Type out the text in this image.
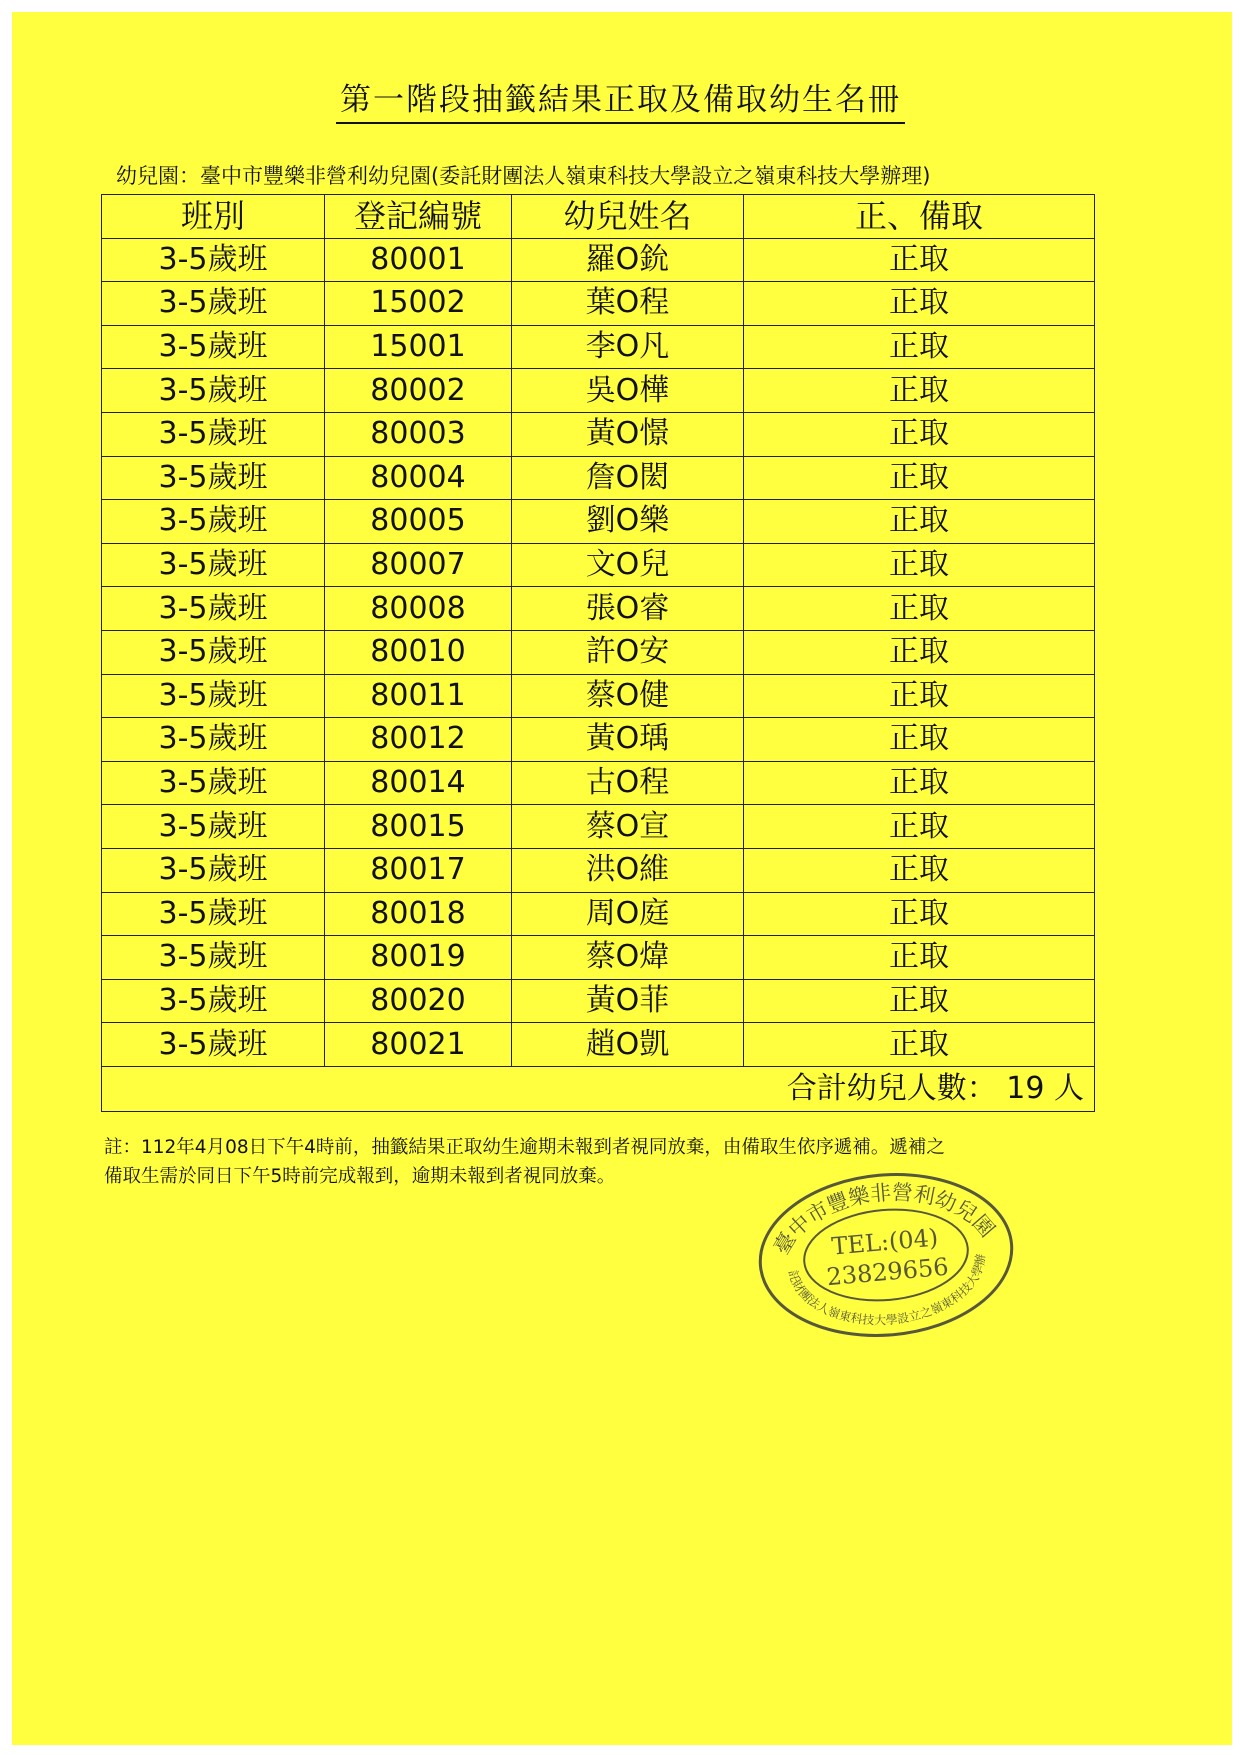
第一階段抽籤結果正取及備取幼生名冊
幼兒園：臺中市豐樂非營利幼兒園(委託財團法人嶺東科技大學設立之嶺東科技大學辦理)
班別	登記編號	幼兒姓名	正、備取
3-5歲班	80001	羅O鈗	正取
3-5歲班	15002	葉O程	正取
3-5歲班	15001	李O凡	正取
3-5歲班	80002	吳O樺	正取
3-5歲班	80003	黃O憬	正取
3-5歲班	80004	詹O閎	正取
3-5歲班	80005	劉O樂	正取
3-5歲班	80007	文O兒	正取
3-5歲班	80008	張O睿	正取
3-5歲班	80010	許O安	正取
3-5歲班	80011	蔡O健	正取
3-5歲班	80012	黃O瑀	正取
3-5歲班	80014	古O程	正取
3-5歲班	80015	蔡O宣	正取
3-5歲班	80017	洪O維	正取
3-5歲班	80018	周O庭	正取
3-5歲班	80019	蔡O煒	正取
3-5歲班	80020	黃O菲	正取
3-5歲班	80021	趙O凱	正取
合計幼兒人數： 19 人			
註：112年4月08日下午4時前，抽籤結果正取幼生逾期未報到者視同放棄，由備取生依序遞補。遞補之
備取生需於同日下午5時前完成報到，逾期未報到者視同放棄。
臺中市豐樂非營利幼兒園
委託財團法人嶺東科技大學設立之嶺東科技大學辦理
TEL:(04)
23829656
